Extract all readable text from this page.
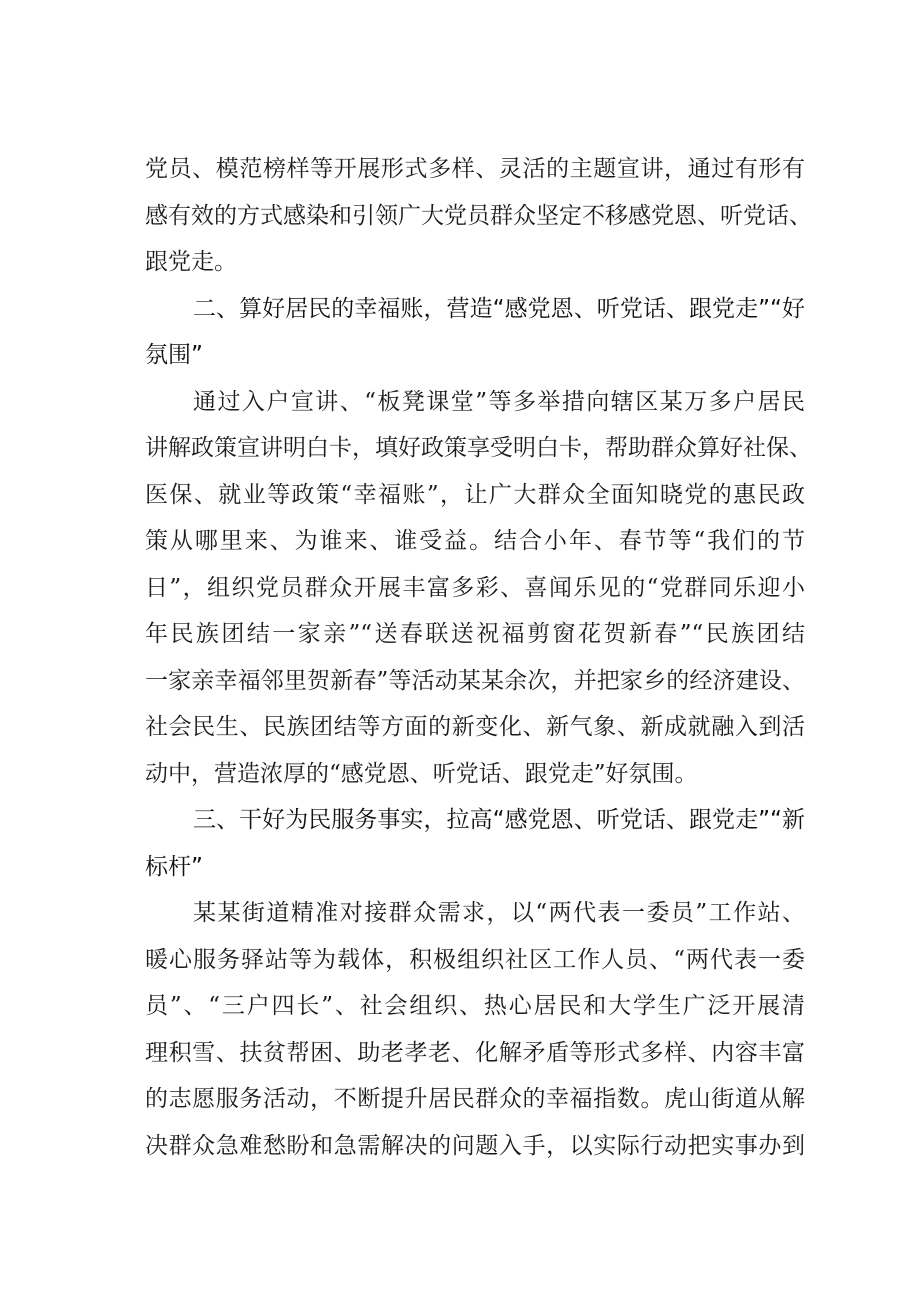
党员、模范榜样等开展形式多样、灵活的主题宣讲，通过有形有
感有效的方式感染和引领广大党员群众坚定不移感党恩、听党话、
跟党走。
二、算好居民的幸福账，营造“感党恩、听党话、跟党走”“好
氛围”
通过入户宣讲、“板凳课堂”等多举措向辖区某万多户居民
讲解政策宣讲明白卡，填好政策享受明白卡，帮助群众算好社保、
医保、就业等政策“幸福账”，让广大群众全面知晓党的惠民政
策从哪里来、为谁来、谁受益。结合小年、春节等“我们的节
日”，组织党员群众开展丰富多彩、喜闻乐见的“党群同乐迎小
年民族团结一家亲”“送春联送祝福剪窗花贺新春”“民族团结
一家亲幸福邻里贺新春”等活动某某余次，并把家乡的经济建设、
社会民生、民族团结等方面的新变化、新气象、新成就融入到活
动中，营造浓厚的“感党恩、听党话、跟党走”好氛围。
三、干好为民服务事实，拉高“感党恩、听党话、跟党走”“新
标杆”
某某街道精准对接群众需求，以“两代表一委员”工作站、
暖心服务驿站等为载体，积极组织社区工作人员、“两代表一委
员”、“三户四长”、社会组织、热心居民和大学生广泛开展清
理积雪、扶贫帮困、助老孝老、化解矛盾等形式多样、内容丰富
的志愿服务活动，不断提升居民群众的幸福指数。虎山街道从解
决群众急难愁盼和急需解决的问题入手，以实际行动把实事办到
